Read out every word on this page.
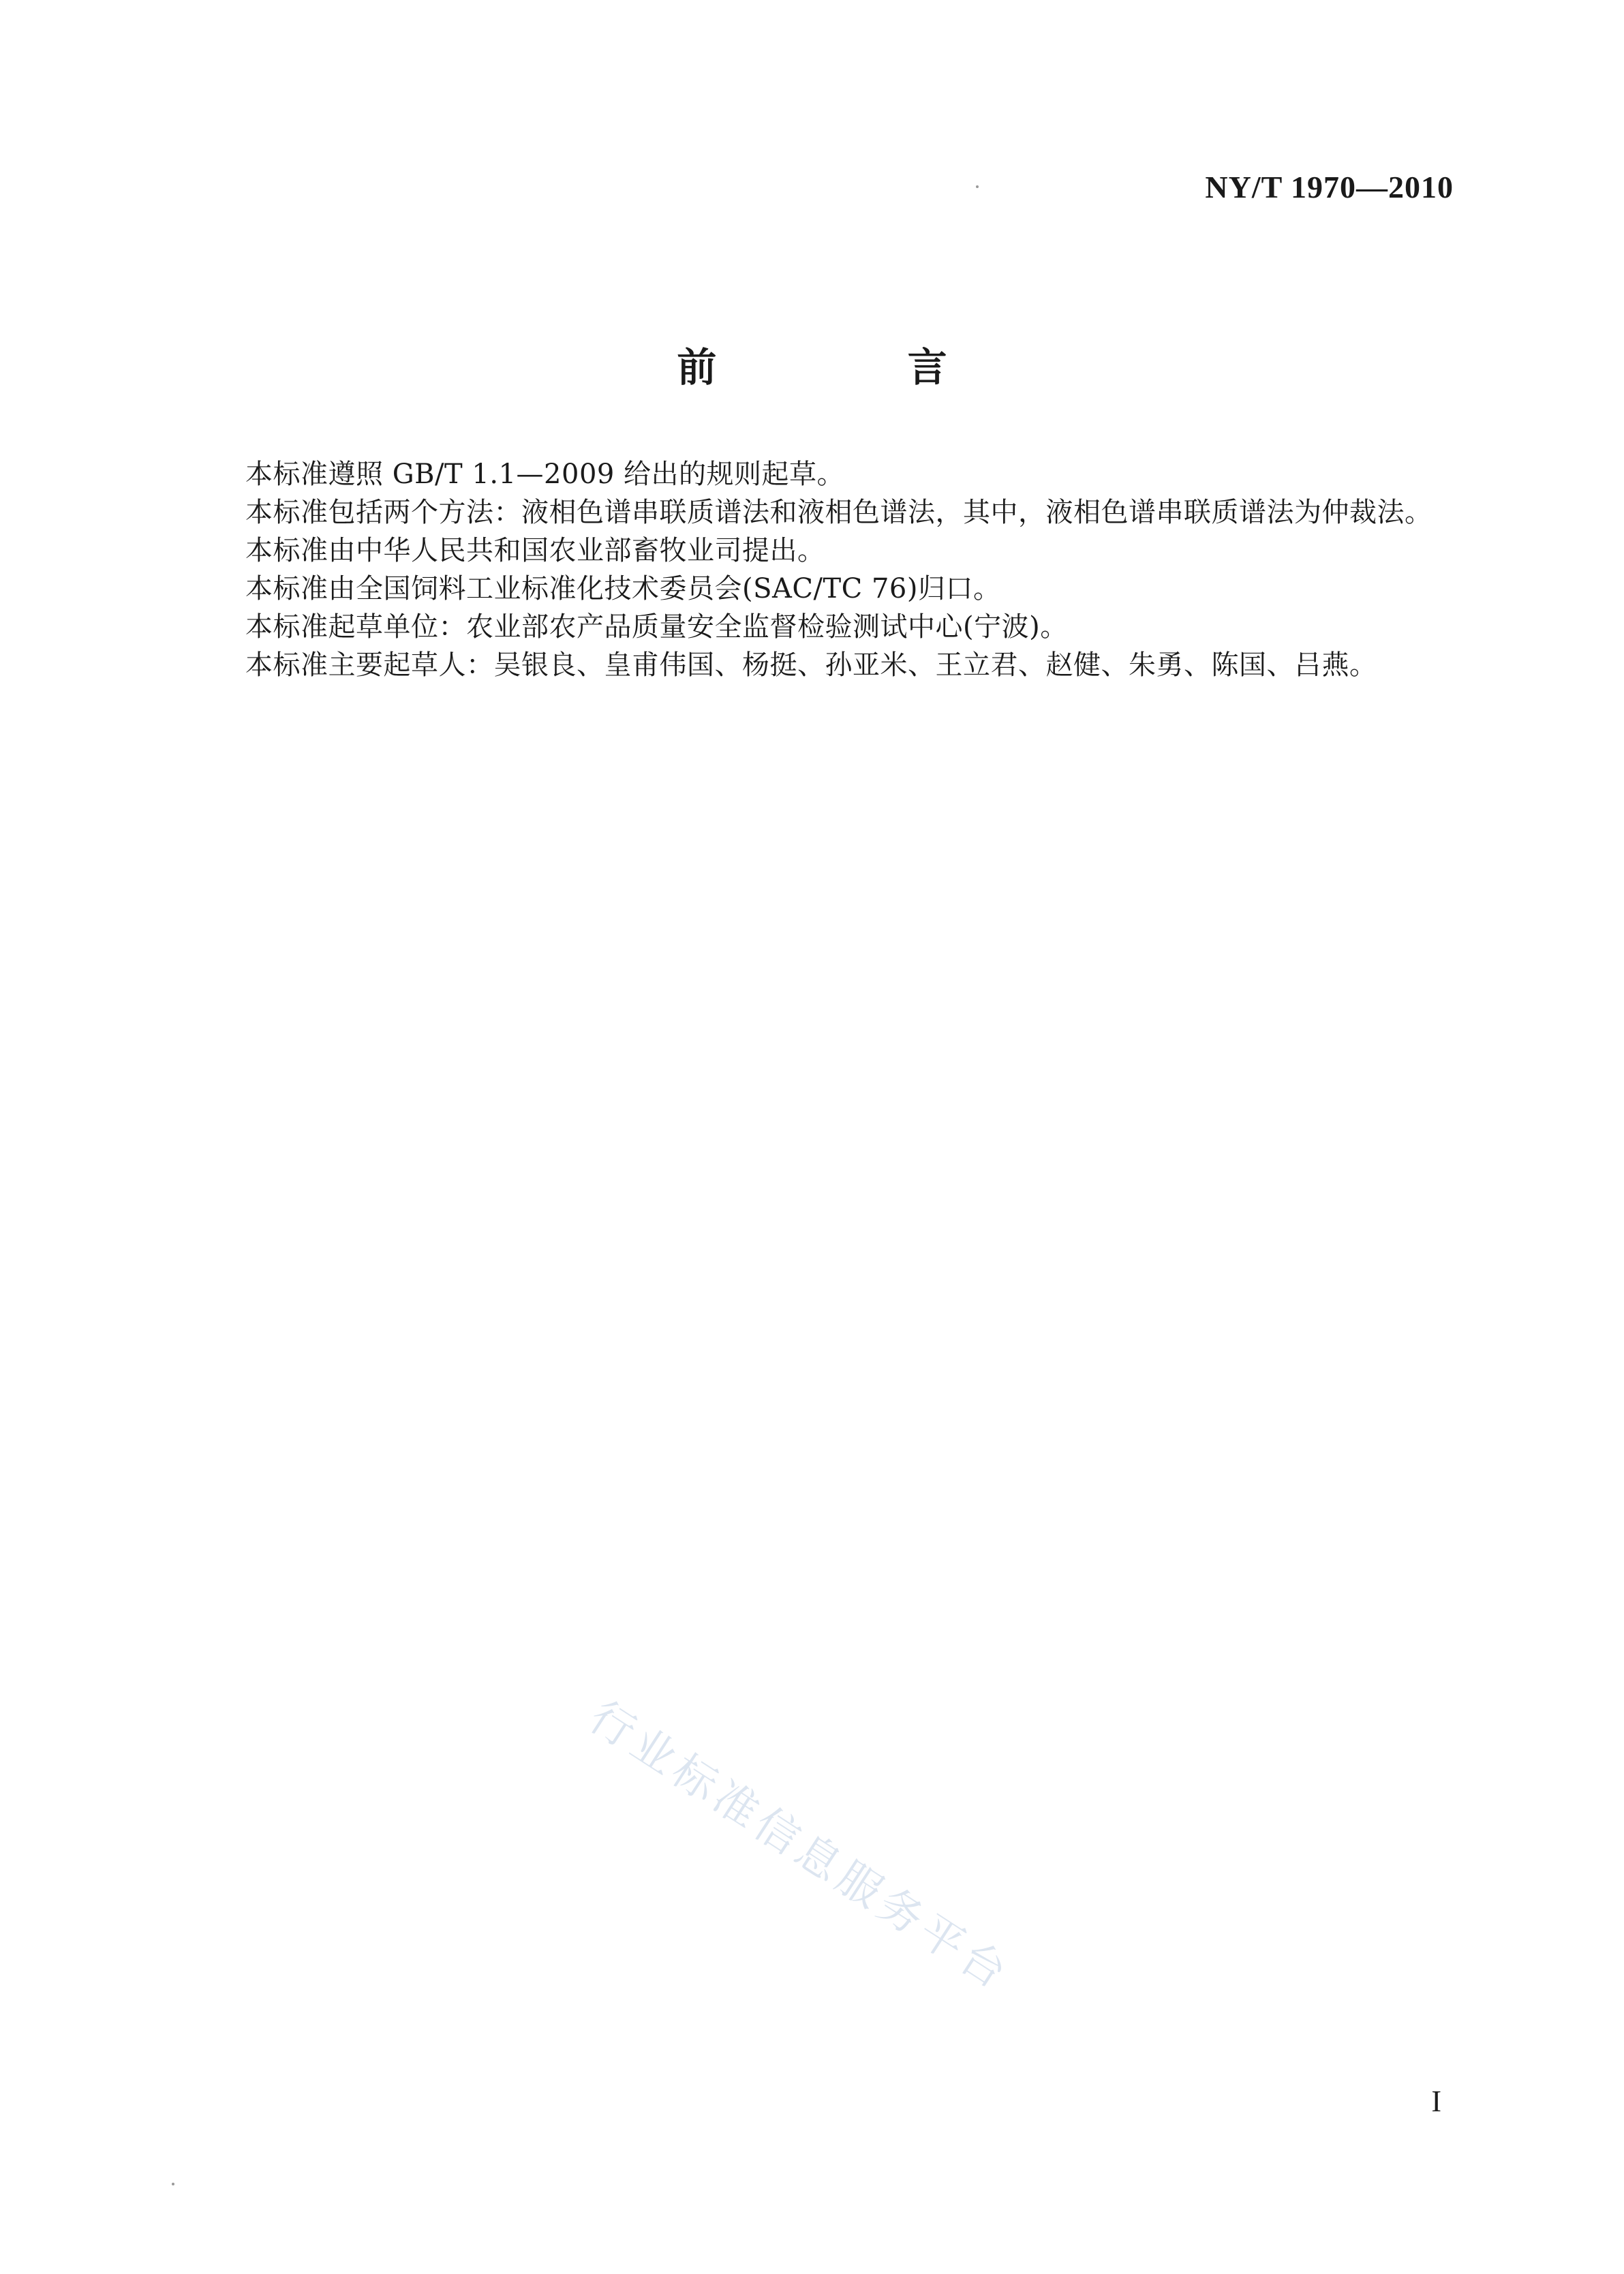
NY/T 1970—2010
前 言

本标准遵照 GB/T 1.1—2009 给出的规则起草。

本标准包括两个方法：液相色谱串联质谱法和液相色谱法，其中，液相色谱串联质谱法为仲裁法。

本标准由中华人民共和国农业部畜牧业司提出。

本标准由全国饲料工业标准化技术委员会(SAC/TC 76)归口。

本标准起草单位：农业部农产品质量安全监督检验测试中心(宁波)。

本标准主要起草人：吴银良、皇甫伟国、杨挺、孙亚米、王立君、赵健、朱勇、陈国、吕燕。

行业标准信息服务平台
I
